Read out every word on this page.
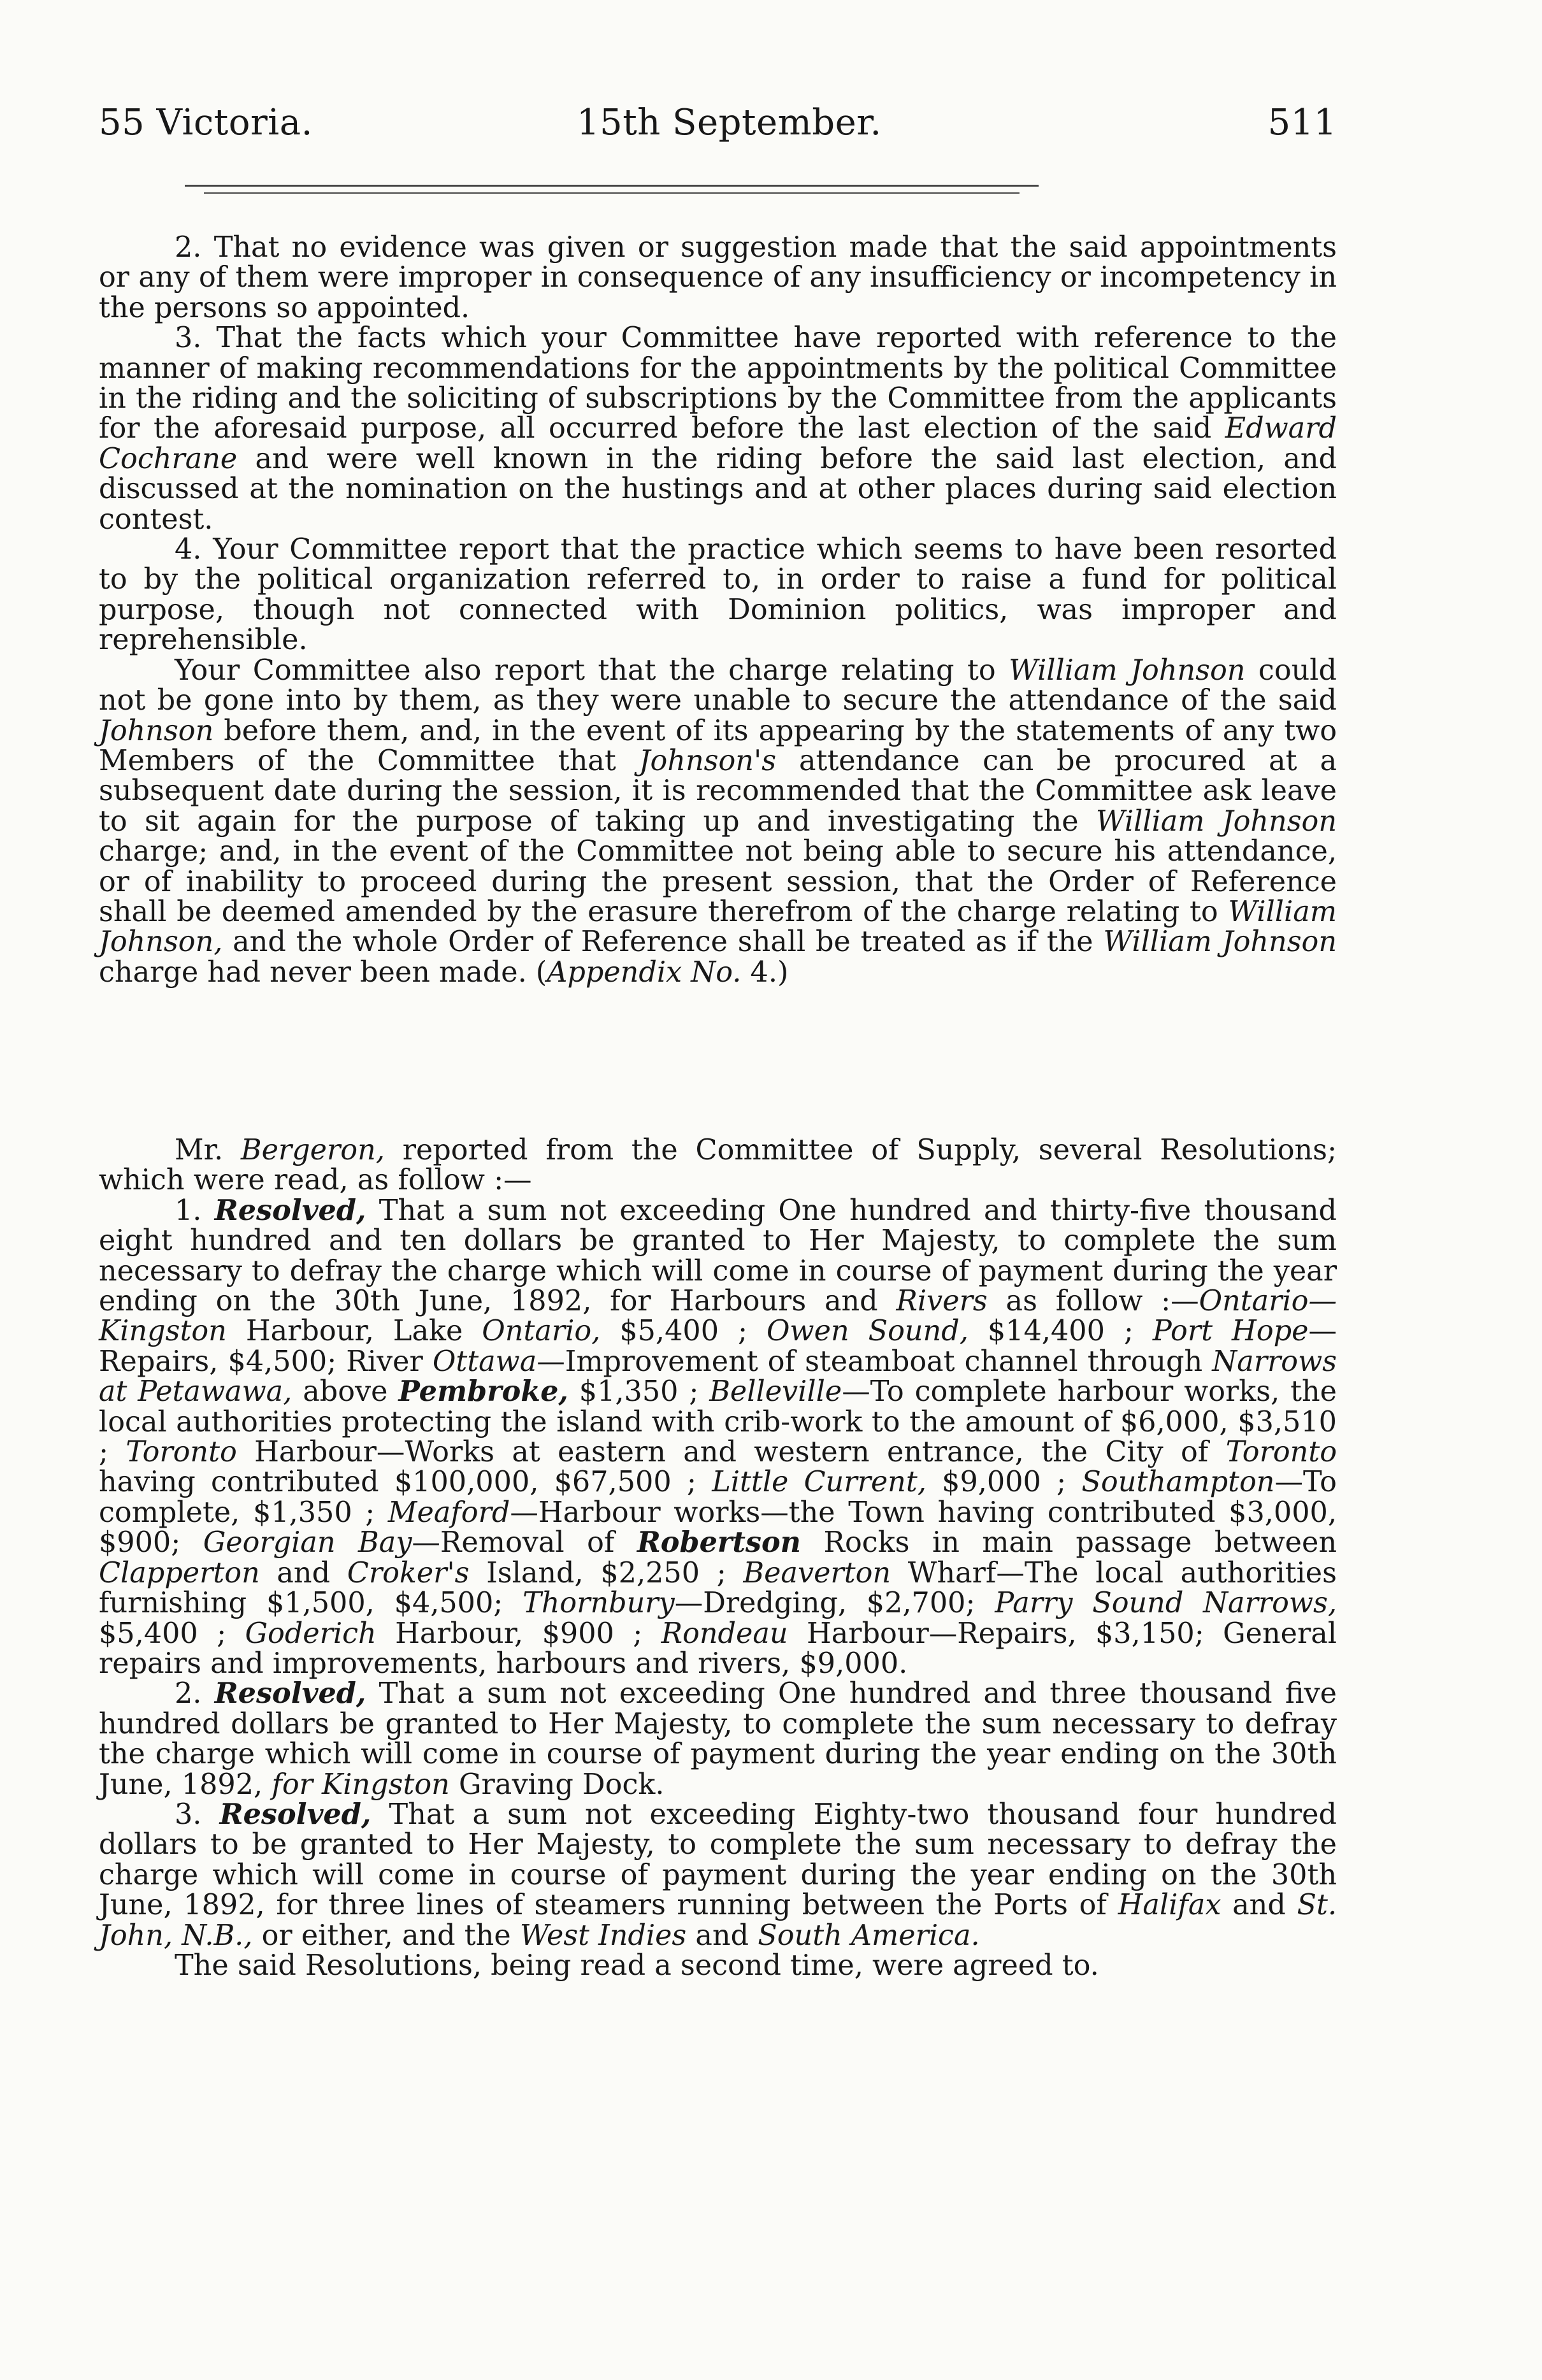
55 Victoria.	15th September.	511

2. That no evidence was given or suggestion made that the said appointments or any of them were improper in consequence of any insufficiency or incompetency in the persons so appointed.

3. That the facts which your Committee have reported with reference to the manner of making recommendations for the appointments by the political Committee in the riding and the soliciting of subscriptions by the Committee from the applicants for the aforesaid purpose, all occurred before the last election of the said Edward Cochrane and were well known in the riding before the said last election, and discussed at the nomination on the hustings and at other places during said election contest.

4. Your Committee report that the practice which seems to have been resorted to by the political organization referred to, in order to raise a fund for political purpose, though not connected with Dominion politics, was improper and reprehensible.

Your Committee also report that the charge relating to William Johnson could not be gone into by them, as they were unable to secure the attendance of the said Johnson before them, and, in the event of its appearing by the statements of any two Members of the Committee that Johnson's attendance can be procured at a subsequent date during the session, it is recommended that the Committee ask leave to sit again for the purpose of taking up and investigating the William Johnson charge; and, in the event of the Committee not being able to secure his attendance, or of inability to proceed during the present session, that the Order of Reference shall be deemed amended by the erasure therefrom of the charge relating to William Johnson, and the whole Order of Reference shall be treated as if the William Johnson charge had never been made. (Appendix No. 4.)

Mr. Bergeron, reported from the Committee of Supply, several Resolutions; which were read, as follow :—

1. Resolved, That a sum not exceeding One hundred and thirty-five thousand eight hundred and ten dollars be granted to Her Majesty, to complete the sum necessary to defray the charge which will come in course of payment during the year ending on the 30th June, 1892, for Harbours and Rivers as follow :—Ontario—Kingston Harbour, Lake Ontario, $5,400 ; Owen Sound, $14,400 ; Port Hope—Repairs, $4,500; River Ottawa—Improvement of steamboat channel through Narrows at Petawawa, above Pembroke, $1,350 ; Belleville—To complete harbour works, the local authorities protecting the island with crib-work to the amount of $6,000, $3,510 ; Toronto Harbour—Works at eastern and western entrance, the City of Toronto having contributed $100,000, $67,500 ; Little Current, $9,000 ; Southampton—To complete, $1,350 ; Meaford—Harbour works—the Town having contributed $3,000, $900; Georgian Bay—Removal of Robertson Rocks in main passage between Clapperton and Croker's Island, $2,250 ; Beaverton Wharf—The local authorities furnishing $1,500, $4,500; Thornbury—Dredging, $2,700; Parry Sound Narrows, $5,400 ; Goderich Harbour, $900 ; Rondeau Harbour—Repairs, $3,150; General repairs and improvements, harbours and rivers, $9,000.

2. Resolved, That a sum not exceeding One hundred and three thousand five hundred dollars be granted to Her Majesty, to complete the sum necessary to defray the charge which will come in course of payment during the year ending on the 30th June, 1892, for Kingston Graving Dock.

3. Resolved, That a sum not exceeding Eighty-two thousand four hundred dollars to be granted to Her Majesty, to complete the sum necessary to defray the charge which will come in course of payment during the year ending on the 30th June, 1892, for three lines of steamers running between the Ports of Halifax and St. John, N.B., or either, and the West Indies and South America.

The said Resolutions, being read a second time, were agreed to.
